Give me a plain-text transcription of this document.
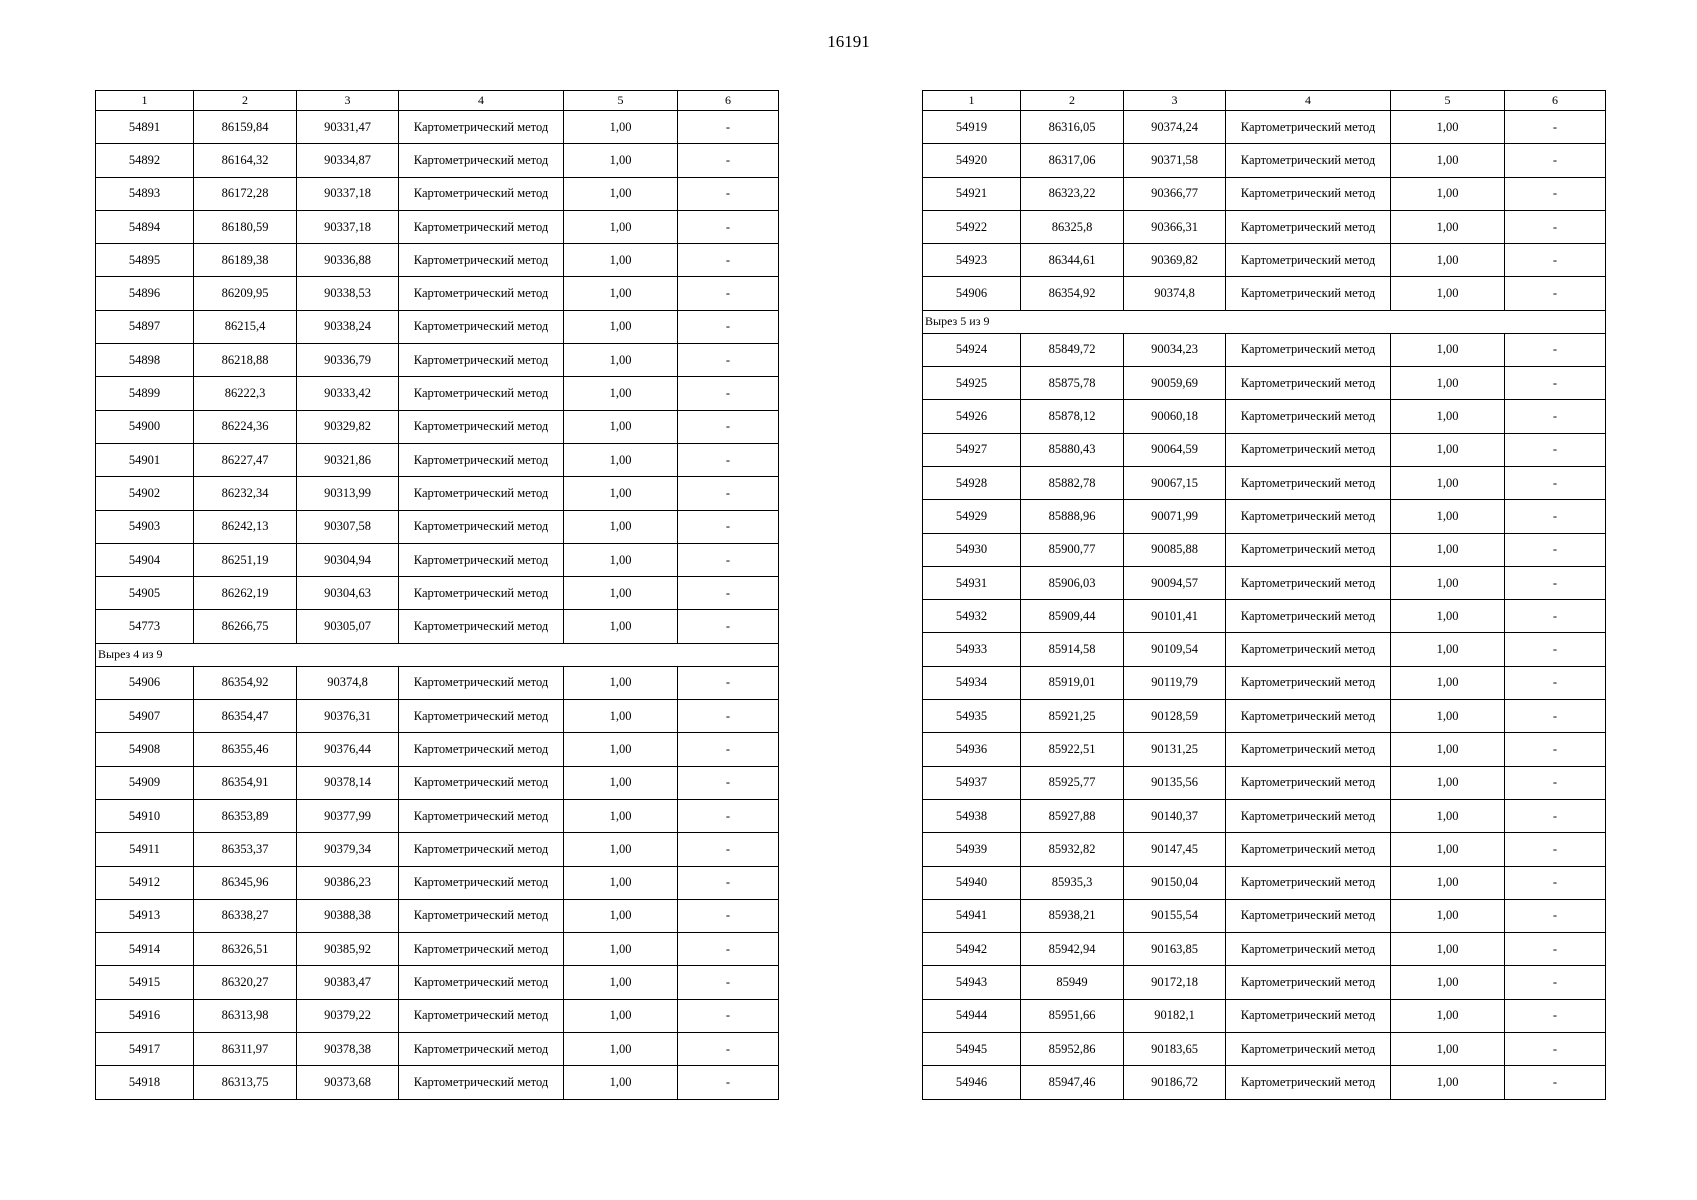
16191
1	2	3	4	5	6
54891	86159,84	90331,47	Картометрический метод	1,00	-
54892	86164,32	90334,87	Картометрический метод	1,00	-
54893	86172,28	90337,18	Картометрический метод	1,00	-
54894	86180,59	90337,18	Картометрический метод	1,00	-
54895	86189,38	90336,88	Картометрический метод	1,00	-
54896	86209,95	90338,53	Картометрический метод	1,00	-
54897	86215,4	90338,24	Картометрический метод	1,00	-
54898	86218,88	90336,79	Картометрический метод	1,00	-
54899	86222,3	90333,42	Картометрический метод	1,00	-
54900	86224,36	90329,82	Картометрический метод	1,00	-
54901	86227,47	90321,86	Картометрический метод	1,00	-
54902	86232,34	90313,99	Картометрический метод	1,00	-
54903	86242,13	90307,58	Картометрический метод	1,00	-
54904	86251,19	90304,94	Картометрический метод	1,00	-
54905	86262,19	90304,63	Картометрический метод	1,00	-
54773	86266,75	90305,07	Картометрический метод	1,00	-
Вырез 4 из 9					
54906	86354,92	90374,8	Картометрический метод	1,00	-
54907	86354,47	90376,31	Картометрический метод	1,00	-
54908	86355,46	90376,44	Картометрический метод	1,00	-
54909	86354,91	90378,14	Картометрический метод	1,00	-
54910	86353,89	90377,99	Картометрический метод	1,00	-
54911	86353,37	90379,34	Картометрический метод	1,00	-
54912	86345,96	90386,23	Картометрический метод	1,00	-
54913	86338,27	90388,38	Картометрический метод	1,00	-
54914	86326,51	90385,92	Картометрический метод	1,00	-
54915	86320,27	90383,47	Картометрический метод	1,00	-
54916	86313,98	90379,22	Картометрический метод	1,00	-
54917	86311,97	90378,38	Картометрический метод	1,00	-
54918	86313,75	90373,68	Картометрический метод	1,00	-
1	2	3	4	5	6
54919	86316,05	90374,24	Картометрический метод	1,00	-
54920	86317,06	90371,58	Картометрический метод	1,00	-
54921	86323,22	90366,77	Картометрический метод	1,00	-
54922	86325,8	90366,31	Картометрический метод	1,00	-
54923	86344,61	90369,82	Картометрический метод	1,00	-
54906	86354,92	90374,8	Картометрический метод	1,00	-
Вырез 5 из 9					
54924	85849,72	90034,23	Картометрический метод	1,00	-
54925	85875,78	90059,69	Картометрический метод	1,00	-
54926	85878,12	90060,18	Картометрический метод	1,00	-
54927	85880,43	90064,59	Картометрический метод	1,00	-
54928	85882,78	90067,15	Картометрический метод	1,00	-
54929	85888,96	90071,99	Картометрический метод	1,00	-
54930	85900,77	90085,88	Картометрический метод	1,00	-
54931	85906,03	90094,57	Картометрический метод	1,00	-
54932	85909,44	90101,41	Картометрический метод	1,00	-
54933	85914,58	90109,54	Картометрический метод	1,00	-
54934	85919,01	90119,79	Картометрический метод	1,00	-
54935	85921,25	90128,59	Картометрический метод	1,00	-
54936	85922,51	90131,25	Картометрический метод	1,00	-
54937	85925,77	90135,56	Картометрический метод	1,00	-
54938	85927,88	90140,37	Картометрический метод	1,00	-
54939	85932,82	90147,45	Картометрический метод	1,00	-
54940	85935,3	90150,04	Картометрический метод	1,00	-
54941	85938,21	90155,54	Картометрический метод	1,00	-
54942	85942,94	90163,85	Картометрический метод	1,00	-
54943	85949	90172,18	Картометрический метод	1,00	-
54944	85951,66	90182,1	Картометрический метод	1,00	-
54945	85952,86	90183,65	Картометрический метод	1,00	-
54946	85947,46	90186,72	Картометрический метод	1,00	-
